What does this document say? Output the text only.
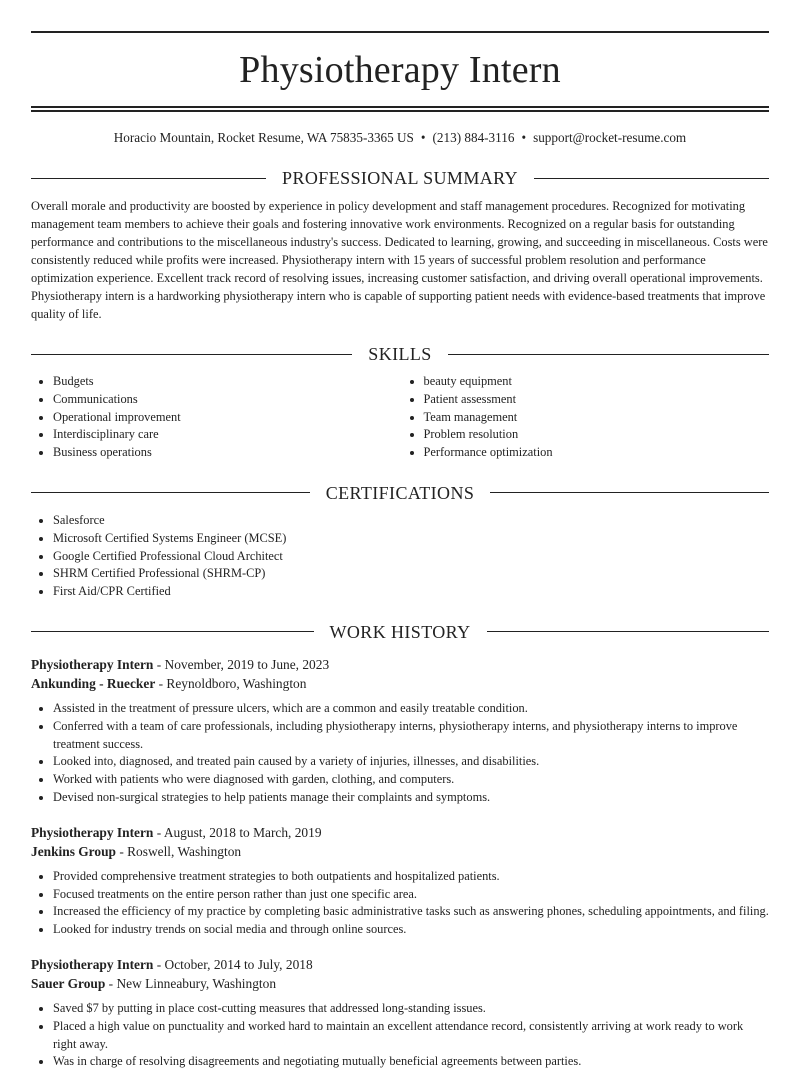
Physiotherapy Intern
Horacio Mountain, Rocket Resume, WA 75835-3365 US • (213) 884-3116 • support@rocket-resume.com
PROFESSIONAL SUMMARY

Overall morale and productivity are boosted by experience in policy development and staff management procedures. Recognized for motivating management team members to achieve their goals and fostering innovative work environments. Recognized on a regular basis for outstanding performance and contributions to the miscellaneous industry's success. Dedicated to learning, growing, and succeeding in miscellaneous. Costs were consistently reduced while profits were increased. Physiotherapy intern with 15 years of successful problem resolution and performance optimization experience. Excellent track record of resolving issues, increasing customer satisfaction, and driving overall operational improvements. Physiotherapy intern is a hardworking physiotherapy intern who is capable of supporting patient needs with evidence-based treatments that improve quality of life.

SKILLS
• Budgets
• Communications
• Operational improvement
• Interdisciplinary care
• Business operations
• beauty equipment
• Patient assessment
• Team management
• Problem resolution
• Performance optimization
CERTIFICATIONS
• Salesforce
• Microsoft Certified Systems Engineer (MCSE)
• Google Certified Professional Cloud Architect
• SHRM Certified Professional (SHRM-CP)
• First Aid/CPR Certified
WORK HISTORY
Physiotherapy Intern - November, 2019 to June, 2023
Ankunding - Ruecker - Reynoldboro, Washington
• Assisted in the treatment of pressure ulcers, which are a common and easily treatable condition.
• Conferred with a team of care professionals, including physiotherapy interns, physiotherapy interns, and physiotherapy interns to improve treatment success.
• Looked into, diagnosed, and treated pain caused by a variety of injuries, illnesses, and disabilities.
• Worked with patients who were diagnosed with garden, clothing, and computers.
• Devised non-surgical strategies to help patients manage their complaints and symptoms.
Physiotherapy Intern - August, 2018 to March, 2019
Jenkins Group - Roswell, Washington
• Provided comprehensive treatment strategies to both outpatients and hospitalized patients.
• Focused treatments on the entire person rather than just one specific area.
• Increased the efficiency of my practice by completing basic administrative tasks such as answering phones, scheduling appointments, and filing.
• Looked for industry trends on social media and through online sources.
Physiotherapy Intern - October, 2014 to July, 2018
Sauer Group - New Linneabury, Washington
• Saved $7 by putting in place cost-cutting measures that addressed long-standing issues.
• Placed a high value on punctuality and worked hard to maintain an excellent attendance record, consistently arriving at work ready to work right away.
• Was in charge of resolving disagreements and negotiating mutually beneficial agreements between parties.
